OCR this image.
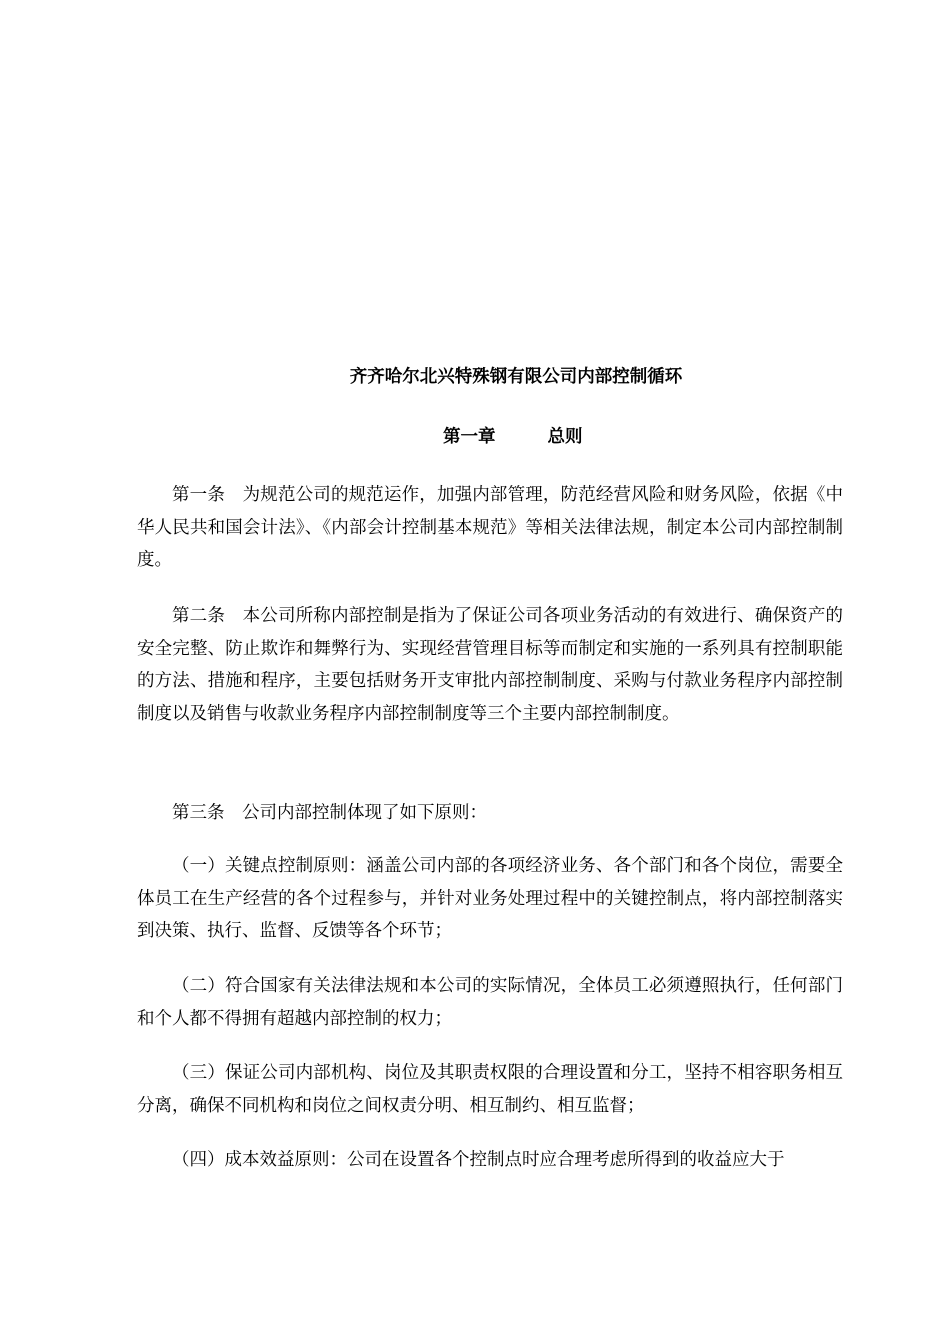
齐齐哈尔北兴特殊钢有限公司内部控制循环
第一章	总则

第一条　为规范公司的规范运作，加强内部管理，防范经营风险和财务风险，依据《中华人民共和国会计法》、《内部会计控制基本规范》等相关法律法规，制定本公司内部控制制度。

第二条　本公司所称内部控制是指为了保证公司各项业务活动的有效进行、确保资产的安全完整、防止欺诈和舞弊行为、实现经营管理目标等而制定和实施的一系列具有控制职能的方法、措施和程序，主要包括财务开支审批内部控制制度、采购与付款业务程序内部控制制度以及销售与收款业务程序内部控制制度等三个主要内部控制制度。

第三条　公司内部控制体现了如下原则：

（一）关键点控制原则：涵盖公司内部的各项经济业务、各个部门和各个岗位，需要全体员工在生产经营的各个过程参与，并针对业务处理过程中的关键控制点，将内部控制落实到决策、执行、监督、反馈等各个环节；

（二）符合国家有关法律法规和本公司的实际情况，全体员工必须遵照执行，任何部门和个人都不得拥有超越内部控制的权力；

（三）保证公司内部机构、岗位及其职责权限的合理设置和分工，坚持不相容职务相互分离，确保不同机构和岗位之间权责分明、相互制约、相互监督；

（四）成本效益原则：公司在设置各个控制点时应合理考虑所得到的收益应大于
